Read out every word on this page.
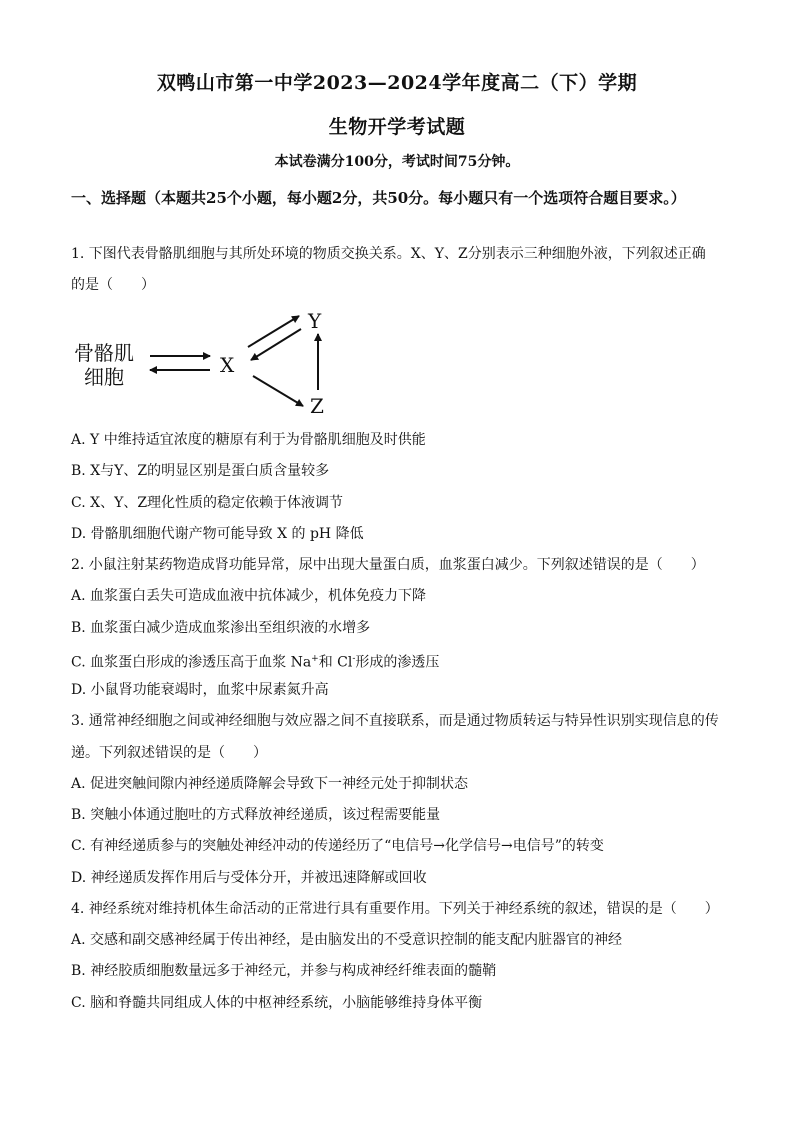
双鸭山市第一中学2023—2024学年度高二（下）学期
生物开学考试题
本试卷满分100分，考试时间75分钟。
一、选择题（本题共25个小题，每小题2分，共50分。每小题只有一个选项符合题目要求。）
1. 下图代表骨骼肌细胞与其所处环境的物质交换关系。X、Y、Z分别表示三种细胞外液，下列叙述正确
的是（　　）
骨骼肌
细胞	X
Y
Z
A. Y 中维持适宜浓度的糖原有利于为骨骼肌细胞及时供能
B. X与Y、Z的明显区别是蛋白质含量较多
C. X、Y、Z理化性质的稳定依赖于体液调节
D. 骨骼肌细胞代谢产物可能导致 X 的 pH 降低
2. 小鼠注射某药物造成肾功能异常，尿中出现大量蛋白质，血浆蛋白减少。下列叙述错误的是（　　）
A. 血浆蛋白丢失可造成血液中抗体减少，机体免疫力下降
B. 血浆蛋白减少造成血浆渗出至组织液的水增多
C. 血浆蛋白形成的渗透压高于血浆 Na+和 Cl-形成的渗透压
D. 小鼠肾功能衰竭时，血浆中尿素氮升高
3. 通常神经细胞之间或神经细胞与效应器之间不直接联系，而是通过物质转运与特异性识别实现信息的传
递。下列叙述错误的是（　　）
A. 促进突触间隙内神经递质降解会导致下一神经元处于抑制状态
B. 突触小体通过胞吐的方式释放神经递质，该过程需要能量
C. 有神经递质参与的突触处神经冲动的传递经历了“电信号→化学信号→电信号”的转变
D. 神经递质发挥作用后与受体分开，并被迅速降解或回收
4. 神经系统对维持机体生命活动的正常进行具有重要作用。下列关于神经系统的叙述，错误的是（　　）
A. 交感和副交感神经属于传出神经，是由脑发出的不受意识控制的能支配内脏器官的神经
B. 神经胶质细胞数量远多于神经元，并参与构成神经纤维表面的髓鞘
C. 脑和脊髓共同组成人体的中枢神经系统，小脑能够维持身体平衡
